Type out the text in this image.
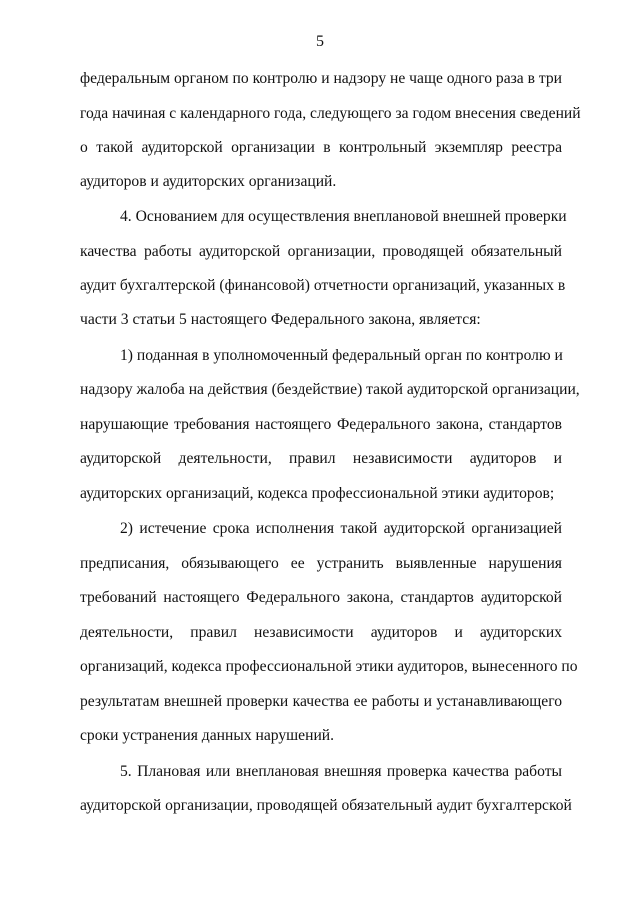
5
федеральным органом по контролю и надзору не чаще одного раза в три
года начиная с календарного года, следующего за годом внесения сведений
о такой аудиторской организации в контрольный экземпляр реестра
аудиторов и аудиторских организаций.
4. Основанием для осуществления внеплановой внешней проверки
качества работы аудиторской организации, проводящей обязательный
аудит бухгалтерской (финансовой) отчетности организаций, указанных в
части 3 статьи 5 настоящего Федерального закона, является:
1) поданная в уполномоченный федеральный орган по контролю и
надзору жалоба на действия (бездействие) такой аудиторской организации,
нарушающие требования настоящего Федерального закона, стандартов
аудиторской деятельности, правил независимости аудиторов и
аудиторских организаций, кодекса профессиональной этики аудиторов;
2) истечение срока исполнения такой аудиторской организацией
предписания, обязывающего ее устранить выявленные нарушения
требований настоящего Федерального закона, стандартов аудиторской
деятельности, правил независимости аудиторов и аудиторских
организаций, кодекса профессиональной этики аудиторов, вынесенного по
результатам внешней проверки качества ее работы и устанавливающего
сроки устранения данных нарушений.
5. Плановая или внеплановая внешняя проверка качества работы
аудиторской организации, проводящей обязательный аудит бухгалтерской
